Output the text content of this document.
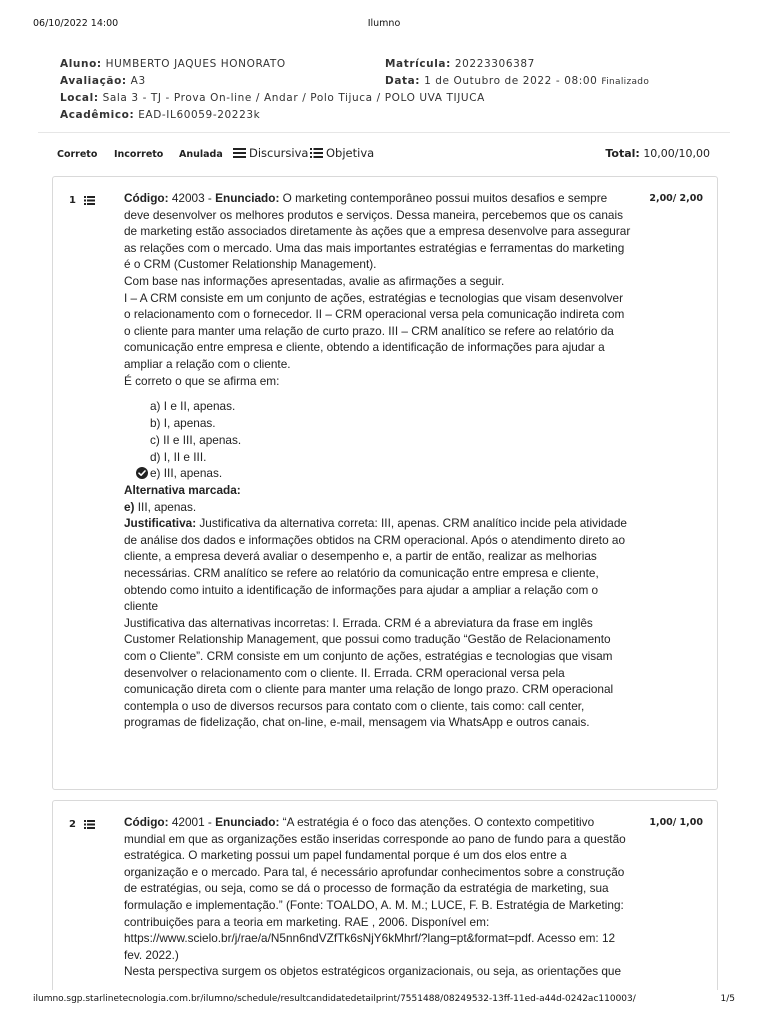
06/10/2022 14:00	Ilumno
Aluno: HUMBERTO JAQUES HONORATO	Matrícula: 20223306387
Avaliação: A3	Data: 1 de Outubro de 2022 - 08:00 Finalizado
Local: Sala 3 - TJ - Prova On-line / Andar / Polo Tijuca / POLO UVA TIJUCA
Acadêmico: EAD-IL60059-20223k
Correto Incorreto Anulada Discursiva Objetiva	Total: 10,00/10,00
1	2,00/ 2,00

Código: 42003 - Enunciado: O marketing contemporâneo possui muitos desafios e sempre deve desenvolver os melhores produtos e serviços. Dessa maneira, percebemos que os canais de marketing estão associados diretamente às ações que a empresa desenvolve para assegurar as relações com o mercado. Uma das mais importantes estratégias e ferramentas do marketing é o CRM (Customer Relationship Management).

Com base nas informações apresentadas, avalie as afirmações a seguir.

I – A CRM consiste em um conjunto de ações, estratégias e tecnologias que visam desenvolver o relacionamento com o fornecedor. II – CRM operacional versa pela comunicação indireta com o cliente para manter uma relação de curto prazo. III – CRM analítico se refere ao relatório da comunicação entre empresa e cliente, obtendo a identificação de informações para ajudar a ampliar a relação com o cliente.

É correto o que se afirma em:

a) I e II, apenas.
b) I, apenas.
c) II e III, apenas.
d) I, II e III.
e) III, apenas.

Alternativa marcada:

e) III, apenas.

Justificativa: Justificativa da alternativa correta: III, apenas. CRM analítico incide pela atividade de análise dos dados e informações obtidos na CRM operacional. Após o atendimento direto ao cliente, a empresa deverá avaliar o desempenho e, a partir de então, realizar as melhorias necessárias. CRM analítico se refere ao relatório da comunicação entre empresa e cliente, obtendo como intuito a identificação de informações para ajudar a ampliar a relação com o cliente

Justificativa das alternativas incorretas: I. Errada. CRM é a abreviatura da frase em inglês Customer Relationship Management, que possui como tradução “Gestão de Relacionamento com o Cliente”. CRM consiste em um conjunto de ações, estratégias e tecnologias que visam desenvolver o relacionamento com o cliente. II. Errada. CRM operacional versa pela comunicação direta com o cliente para manter uma relação de longo prazo. CRM operacional contempla o uso de diversos recursos para contato com o cliente, tais como: call center, programas de fidelização, chat on-line, e-mail, mensagem via WhatsApp e outros canais.

2	1,00/ 1,00

Código: 42001 - Enunciado: “A estratégia é o foco das atenções. O contexto competitivo mundial em que as organizações estão inseridas corresponde ao pano de fundo para a questão estratégica. O marketing possui um papel fundamental porque é um dos elos entre a organização e o mercado. Para tal, é necessário aprofundar conhecimentos sobre a construção de estratégias, ou seja, como se dá o processo de formação da estratégia de marketing, sua formulação e implementação.” (Fonte: TOALDO, A. M. M.; LUCE, F. B. Estratégia de Marketing: contribuições para a teoria em marketing. RAE , 2006. Disponível em: https://www.scielo.br/j/rae/a/N5nn6ndVZfTk6sNjY6kMhrf/?lang=pt&format=pdf. Acesso em: 12 fev. 2022.)

Nesta perspectiva surgem os objetos estratégicos organizacionais, ou seja, as orientações que

ilumno.sgp.starlinetecnologia.com.br/ilumno/schedule/resultcandidatedetailprint/7551488/08249532-13ff-11ed-a44d-0242ac110003/	1/5
